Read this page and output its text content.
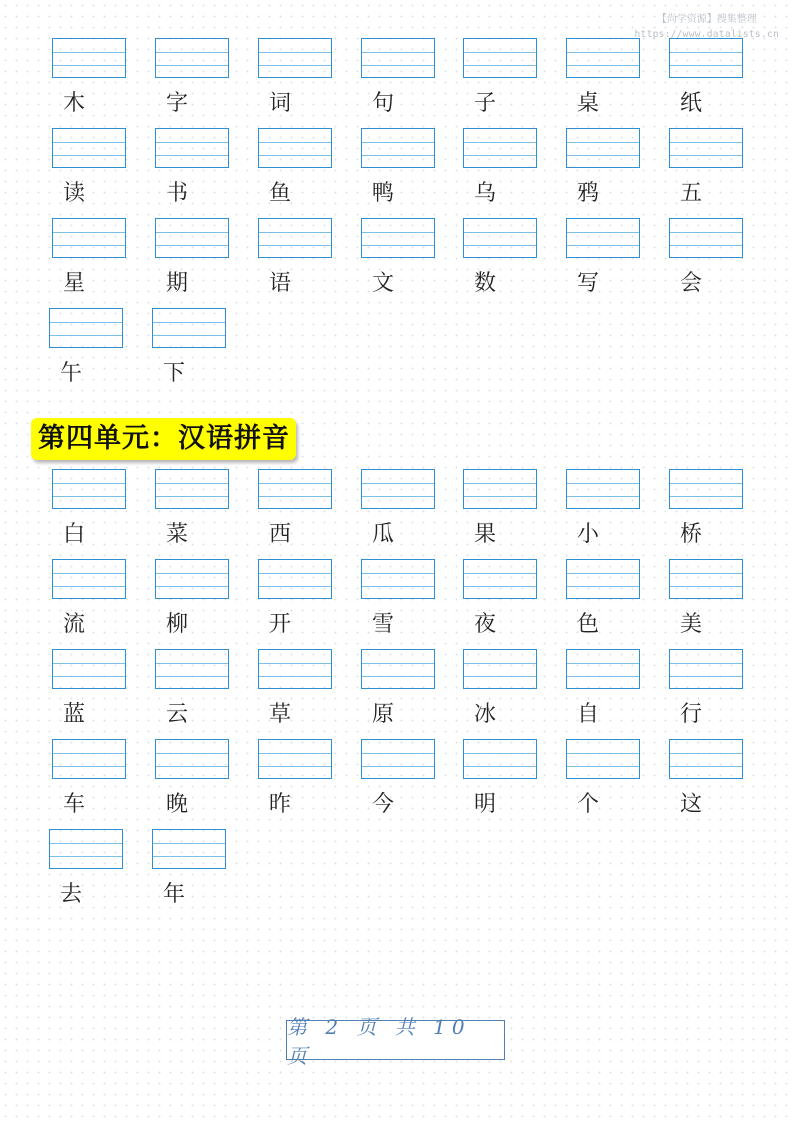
【尚学资源】搜集整理
https://www.datalists.cn
木	字	词	句	子	桌	纸
读	书	鱼	鸭	乌	鸦	五
星	期	语	文	数	写	会
午	下
第四单元：汉语拼音
白	菜	西	瓜	果	小	桥
流	柳	开	雪	夜	色	美
蓝	云	草	原	冰	自	行
车	晚	昨	今	明	个	这
去	年
第 2 页 共 10 页
